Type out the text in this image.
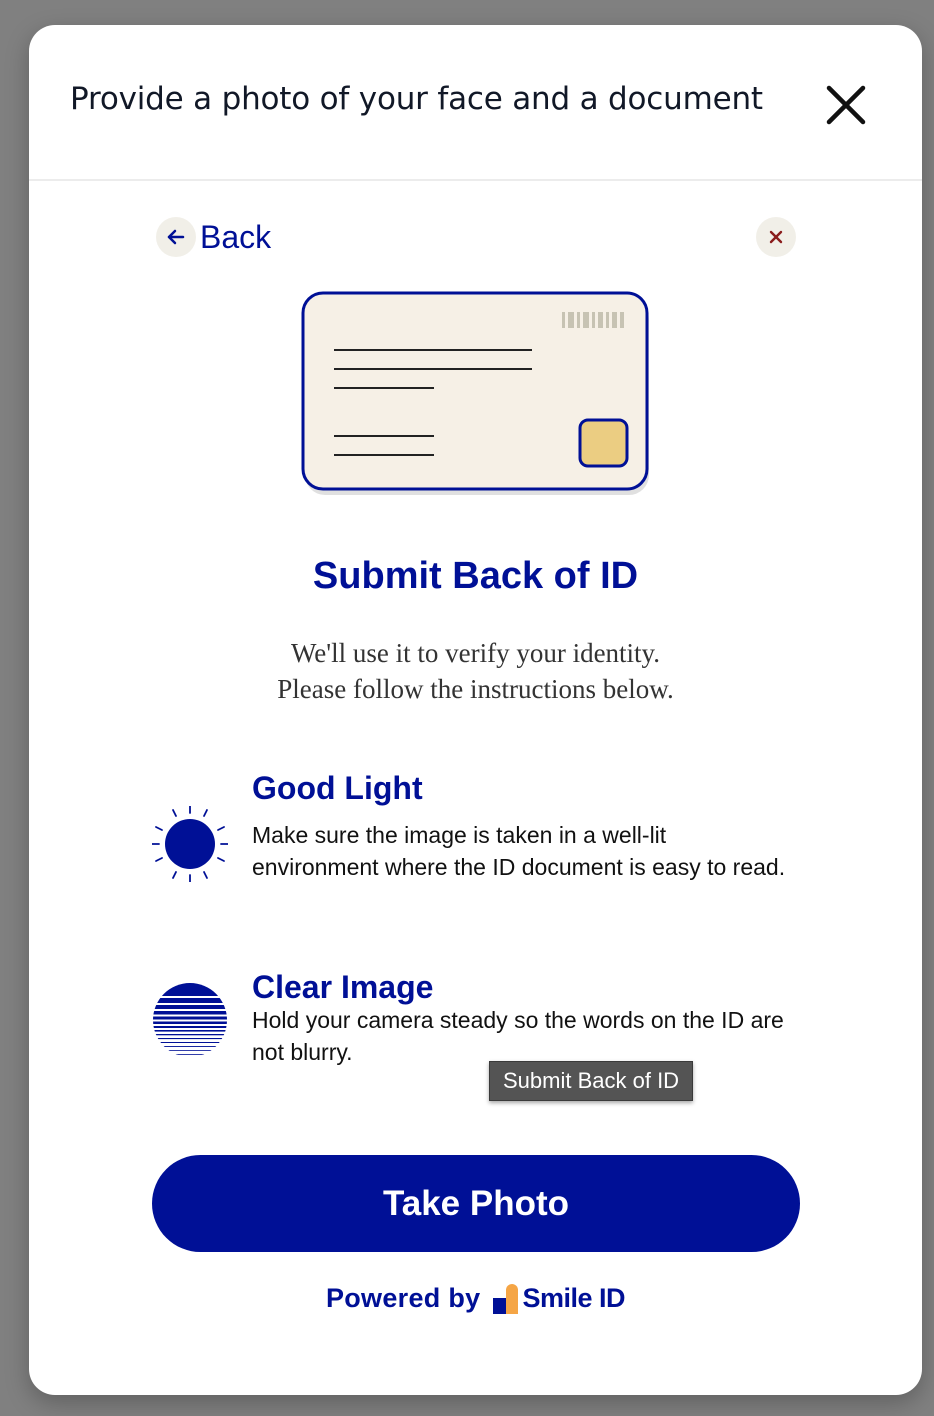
Provide a photo of your face and a document
Back
Submit Back of ID
We'll use it to verify your identity.
Please follow the instructions below.
Good Light
Make sure the image is taken in a well-lit environment where the ID document is easy to read.
Clear Image
Hold your camera steady so the words on the ID are not blurry.
Submit Back of ID
Take Photo
Powered by Smile ID
